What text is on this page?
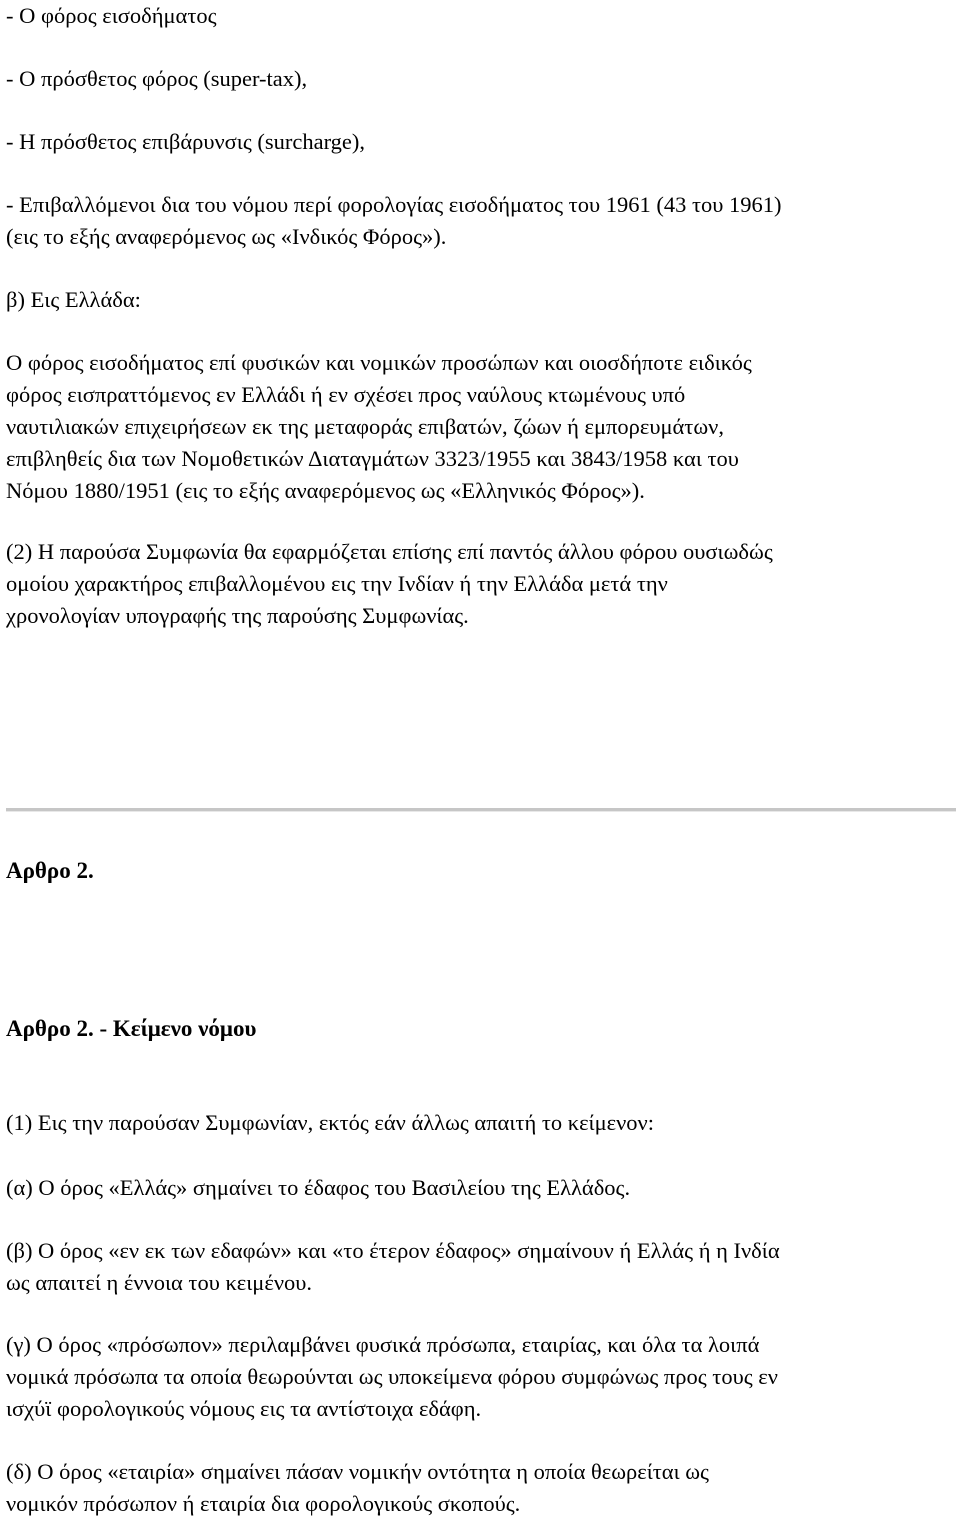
- Ο φόρος εισοδήματος

- Ο πρόσθετος φόρος (super-tax),

- Η πρόσθετος επιβάρυνσις (surcharge),

- Επιβαλλόμενοι δια του νόμου περί φορολογίας εισοδήματος του 1961 (43 του 1961)
(εις το εξής αναφερόμενος ως «Ινδικός Φόρος»).

β) Εις Ελλάδα:

Ο φόρος εισοδήματος επί φυσικών και νομικών προσώπων και οιοσδήποτε ειδικός
φόρος εισπραττόμενος εν Ελλάδι ή εν σχέσει προς ναύλους κτωμένους υπό
ναυτιλιακών επιχειρήσεων εκ της μεταφοράς επιβατών, ζώων ή εμπορευμάτων,
επιβληθείς δια των Νομοθετικών Διαταγμάτων 3323/1955 και 3843/1958 και του
Νόμου 1880/1951 (εις το εξής αναφερόμενος ως «Ελληνικός Φόρος»).

(2) Η παρούσα Συμφωνία θα εφαρμόζεται επίσης επί παντός άλλου φόρου ουσιωδώς
ομοίου χαρακτήρος επιβαλλομένου εις την Ινδίαν ή την Ελλάδα μετά την
χρονολογίαν υπογραφής της παρούσης Συμφωνίας.

Αρθρο 2.

Αρθρο 2. - Κείμενο νόμου

(1) Εις την παρούσαν Συμφωνίαν, εκτός εάν άλλως απαιτή το κείμενον:

(α) Ο όρος «Ελλάς» σημαίνει το έδαφος του Βασιλείου της Ελλάδος.

(β) Ο όρος «εν εκ των εδαφών» και «το έτερον έδαφος» σημαίνουν ή Ελλάς ή η Ινδία
ως απαιτεί η έννοια του κειμένου.

(γ) Ο όρος «πρόσωπον» περιλαμβάνει φυσικά πρόσωπα, εταιρίας, και όλα τα λοιπά
νομικά πρόσωπα τα οποία θεωρούνται ως υποκείμενα φόρου συμφώνως προς τους εν
ισχύϊ φορολογικούς νόμους εις τα αντίστοιχα εδάφη.

(δ) Ο όρος «εταιρία» σημαίνει πάσαν νομικήν οντότητα η οποία θεωρείται ως
νομικόν πρόσωπον ή εταιρία δια φορολογικούς σκοπούς.
